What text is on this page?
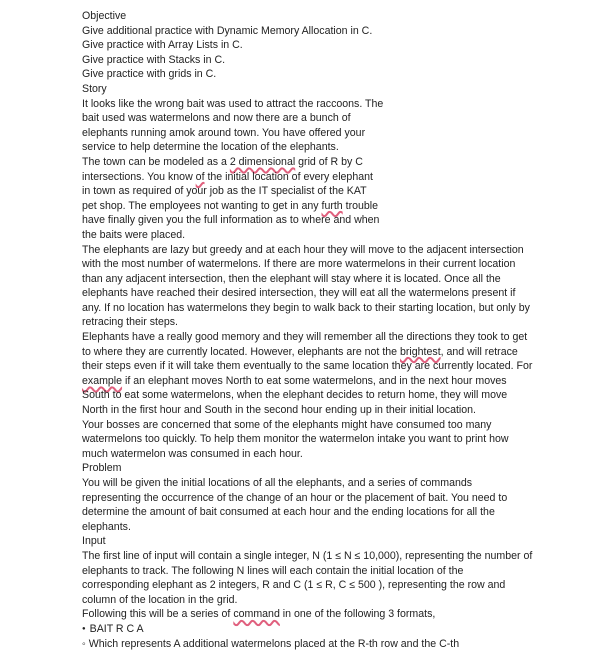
Objective
Give additional practice with Dynamic Memory Allocation in C.
Give practice with Array Lists in C.
Give practice with Stacks in C.
Give practice with grids in C.
Story
It looks like the wrong bait was used to attract the raccoons. The
bait used was watermelons and now there are a bunch of
elephants running amok around town. You have offered your
service to help determine the location of the elephants.
The town can be modeled as a 2 dimensional grid of R by C
intersections. You know of the initial location of every elephant
in town as required of your job as the IT specialist of the KAT
pet shop. The employees not wanting to get in any furth trouble
have finally given you the full information as to where and when
the baits were placed.
The elephants are lazy but greedy and at each hour they will move to the adjacent intersection
with the most number of watermelons. If there are more watermelons in their current location
than any adjacent intersection, then the elephant will stay where it is located. Once all the
elephants have reached their desired intersection, they will eat all the watermelons present if
any. If no location has watermelons they begin to walk back to their starting location, but only by
retracing their steps.
Elephants have a really good memory and they will remember all the directions they took to get
to where they are currently located. However, elephants are not the brightest, and will retrace
their steps even if it will take them eventually to the same location they are currently located. For
example if an elephant moves North to eat some watermelons, and in the next hour moves
South to eat some watermelons, when the elephant decides to return home, they will move
North in the first hour and South in the second hour ending up in their initial location.
Your bosses are concerned that some of the elephants might have consumed too many
watermelons too quickly. To help them monitor the watermelon intake you want to print how
much watermelon was consumed in each hour.
Problem
You will be given the initial locations of all the elephants, and a series of commands
representing the occurrence of the change of an hour or the placement of bait. You need to
determine the amount of bait consumed at each hour and the ending locations for all the
elephants.
Input
The first line of input will contain a single integer, N (1 ≤ N ≤ 10,000), representing the number of
elephants to track. The following N lines will each contain the initial location of the
corresponding elephant as 2 integers, R and C (1 ≤ R, C ≤ 500 ), representing the row and
column of the location in the grid.
Following this will be a series of command in one of the following 3 formats,
● BAIT R C A
◦ Which represents A additional watermelons placed at the R-th row and the C-th
